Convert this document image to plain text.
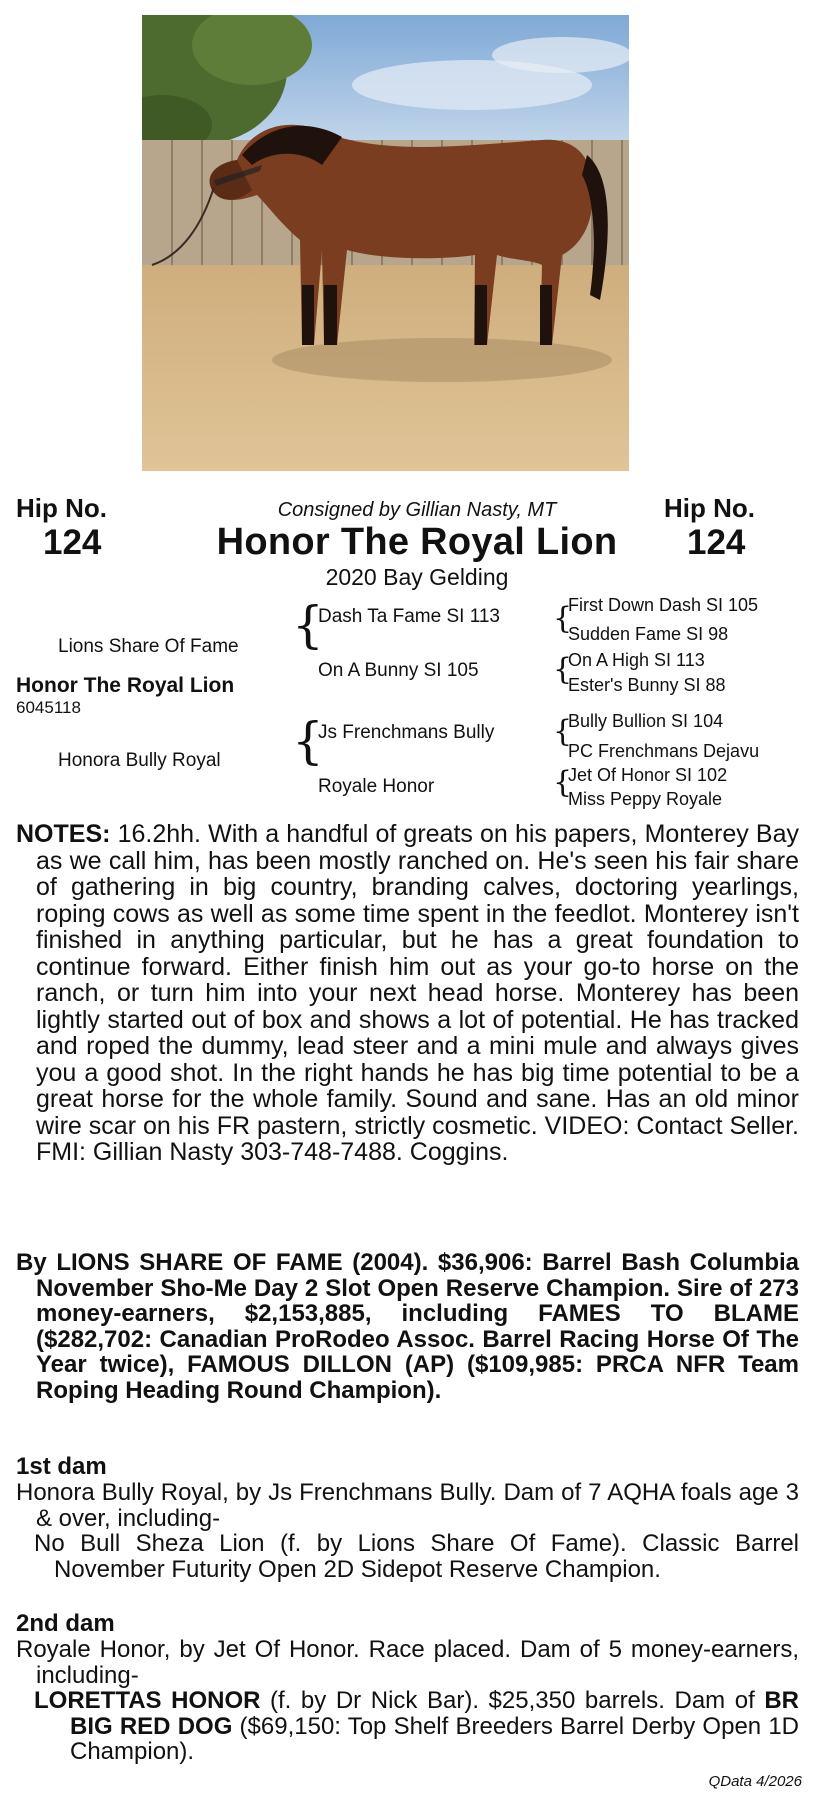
Hip No.	Hip No.
124	124
Consigned by Gillian Nasty, MT
Honor The Royal Lion
2020 Bay Gelding
Honor The Royal Lion
6045118
Lions Share Of Fame
Honora Bully Royal
{
{
Dash Ta Fame SI 113
On A Bunny SI 105
Js Frenchmans Bully
Royale Honor
{
{
{
{
First Down Dash SI 105
Sudden Fame SI 98
On A High SI 113
Ester's Bunny SI 88
Bully Bullion SI 104
PC Frenchmans Dejavu
Jet Of Honor SI 102
Miss Peppy Royale

NOTES: 16.2hh. With a handful of greats on his papers, Monterey Bay as we call him, has been mostly ranched on. He's seen his fair share of gathering in big country, branding calves, doctoring yearlings, roping cows as well as some time spent in the feedlot. Monterey isn't finished in anything particular, but he has a great foundation to continue forward. Either finish him out as your go-to horse on the ranch, or turn him into your next head horse. Monterey has been lightly started out of box and shows a lot of potential. He has tracked and roped the dummy, lead steer and a mini mule and always gives you a good shot. In the right hands he has big time potential to be a great horse for the whole family. Sound and sane. Has an old minor wire scar on his FR pastern, strictly cosmetic. VIDEO: Contact Seller. FMI: Gillian Nasty 303-748-7488. Coggins.

By LIONS SHARE OF FAME (2004). $36,906: Barrel Bash Columbia November Sho-Me Day 2 Slot Open Reserve Champion. Sire of 273 money-earners, $2,153,885, including FAMES TO BLAME ($282,702: Canadian ProRodeo Assoc. Barrel Racing Horse Of The Year twice), FAMOUS DILLON (AP) ($109,985: PRCA NFR Team Roping Heading Round Champion).

1st dam

Honora Bully Royal, by Js Frenchmans Bully. Dam of 7 AQHA foals age 3 & over, including-

No Bull Sheza Lion (f. by Lions Share Of Fame). Classic Barrel November Futurity Open 2D Sidepot Reserve Champion.

2nd dam

Royale Honor, by Jet Of Honor. Race placed. Dam of 5 money-earners, including-

LORETTAS HONOR (f. by Dr Nick Bar). $25,350 barrels. Dam of BR BIG RED DOG ($69,150: Top Shelf Breeders Barrel Derby Open 1D Champion).

QData 4/2026
